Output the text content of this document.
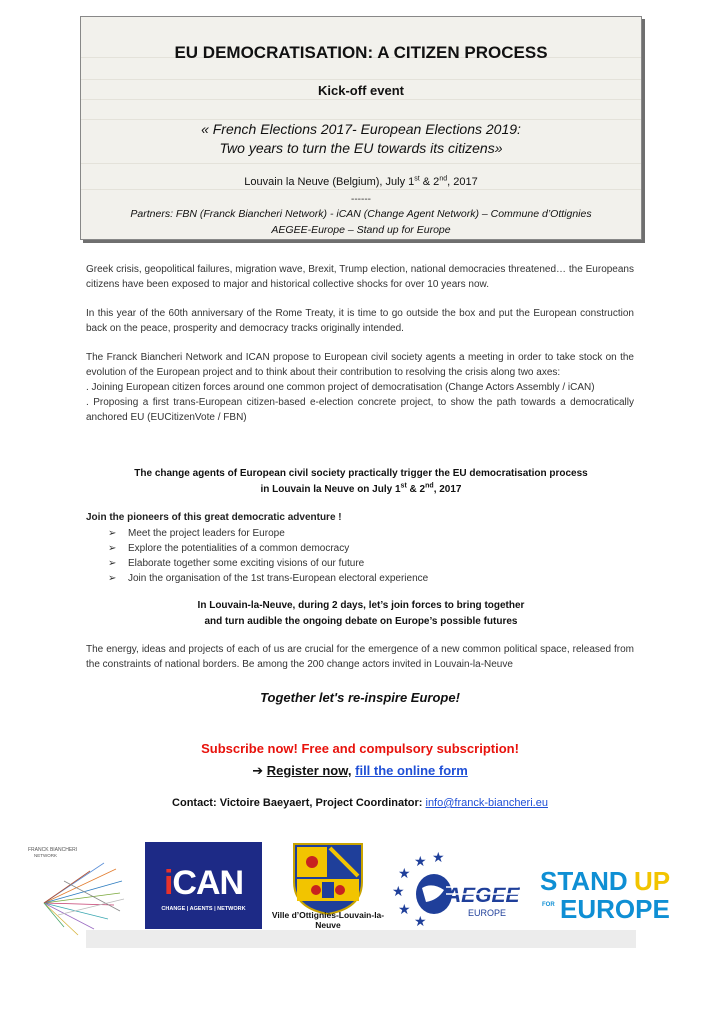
EU DEMOCRATISATION: A CITIZEN PROCESS
Kick-off event
« French Elections 2017- European Elections 2019:
Two years to turn the EU towards its citizens»
Louvain la Neuve (Belgium), July 1st & 2nd, 2017
------
Partners: FBN (Franck Biancheri Network) - iCAN (Change Agent Network) – Commune d’Ottignies
AEGEE-Europe – Stand up for Europe
Greek crisis, geopolitical failures, migration wave, Brexit, Trump election, national democracies threatened… the Europeans citizens have been exposed to major and historical collective shocks for over 10 years now.
In this year of the 60th anniversary of the Rome Treaty, it is time to go outside the box and put the European construction back on the peace, prosperity and democracy tracks originally intended.
The Franck Biancheri Network and ICAN propose to European civil society agents a meeting in order to take stock on the evolution of the European project and to think about their contribution to resolving the crisis along two axes:
. Joining European citizen forces around one common project of democratisation (Change Actors Assembly / iCAN)
. Proposing a first trans-European citizen-based e-election concrete project, to show the path towards a democratically anchored EU (EUCitizenVote / FBN)
The change agents of European civil society practically trigger the EU democratisation process
in Louvain la Neuve on July 1st & 2nd, 2017
Join the pioneers of this great democratic adventure !
➢ Meet the project leaders for Europe
➢ Explore the potentialities of a common democracy
➢ Elaborate together some exciting visions of our future
➢ Join the organisation of the 1st trans-European electoral experience
In Louvain-la-Neuve, during 2 days, let’s join forces to bring together
and turn audible the ongoing debate on Europe’s possible futures
The energy, ideas and projects of each of us are crucial for the emergence of a new common political space, released from the constraints of national borders. Be among the 200 change actors invited in Louvain-la-Neuve
Together let's re-inspire Europe!
Subscribe now! Free and compulsory subscription!
➔ Register now, fill the online form
Contact: Victoire Baeyaert, Project Coordinator: info@franck-biancheri.eu
FRANCK BIANCHERI
NETWORK
iCAN
CHANGE | AGENTS | NETWORK
Ville d’Ottignies-Louvain-la-Neuve
★
★
★
★
★ ★
AEGEE
EUROPE
STAND UP
FOR EUROPE
